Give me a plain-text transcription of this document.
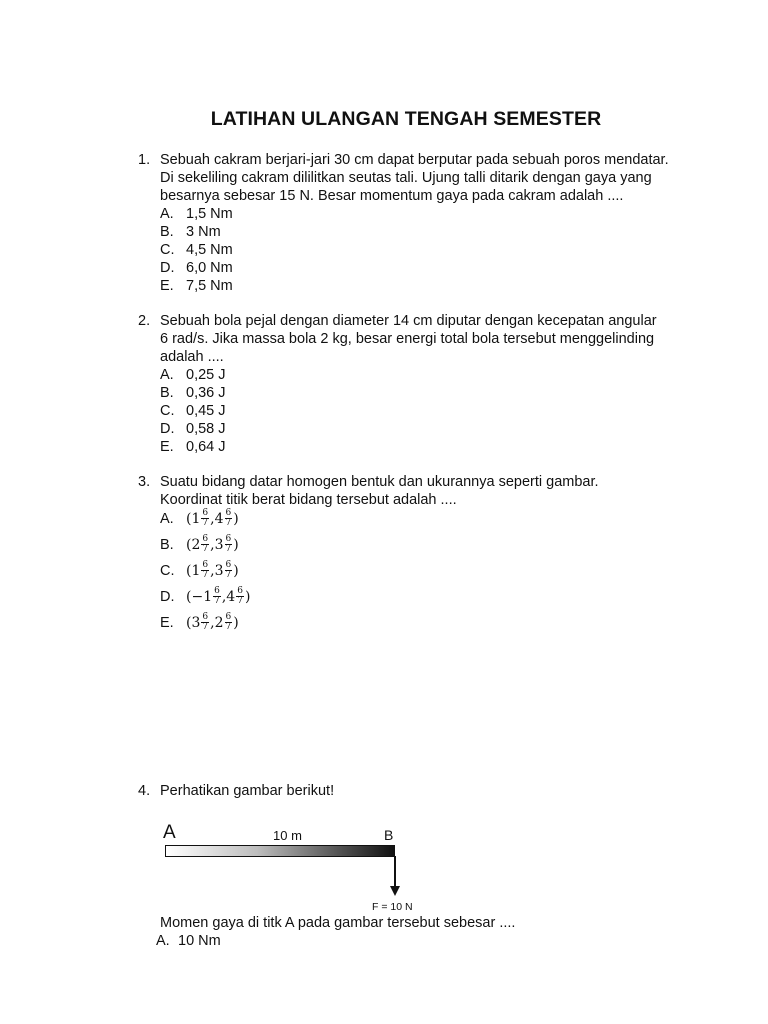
LATIHAN ULANGAN TENGAH SEMESTER
1. Sebuah cakram berjari-jari 30 cm dapat berputar pada sebuah poros mendatar.
Di sekeliling cakram dililitkan seutas tali. Ujung talli ditarik dengan gaya yang
besarnya sebesar 15 N. Besar momentum gaya pada cakram adalah ....
A. 1,5 Nm
B. 3 Nm
C. 4,5 Nm
D. 6,0 Nm
E. 7,5 Nm
2. Sebuah bola pejal dengan diameter 14 cm diputar dengan kecepatan angular
6 rad/s. Jika massa bola 2 kg, besar energi total bola tersebut menggelinding
adalah ....
A. 0,25 J
B. 0,36 J
C. 0,45 J
D. 0,58 J
E. 0,64 J
3. Suatu bidang datar homogen bentuk dan ukurannya seperti gambar.
Koordinat titik berat bidang tersebut adalah ....
A. ( $1 \frac{6}{7}$ , $4 \frac{6}{7}$ )
B. ( $2 \frac{6}{7}$ , $3 \frac{6}{7}$ )
C. ( $1 \frac{6}{7}$ , $3 \frac{6}{7}$ )
D. ( $-1 \frac{6}{7}$ , $4 \frac{6}{7}$ )
E. ( $3 \frac{6}{7}$ , $2 \frac{6}{7}$ )
4. Perhatikan gambar berikut!
A	10 m	B
F = 10 N
Momen gaya di titk A pada gambar tersebut sebesar ....
A. 10 Nm
